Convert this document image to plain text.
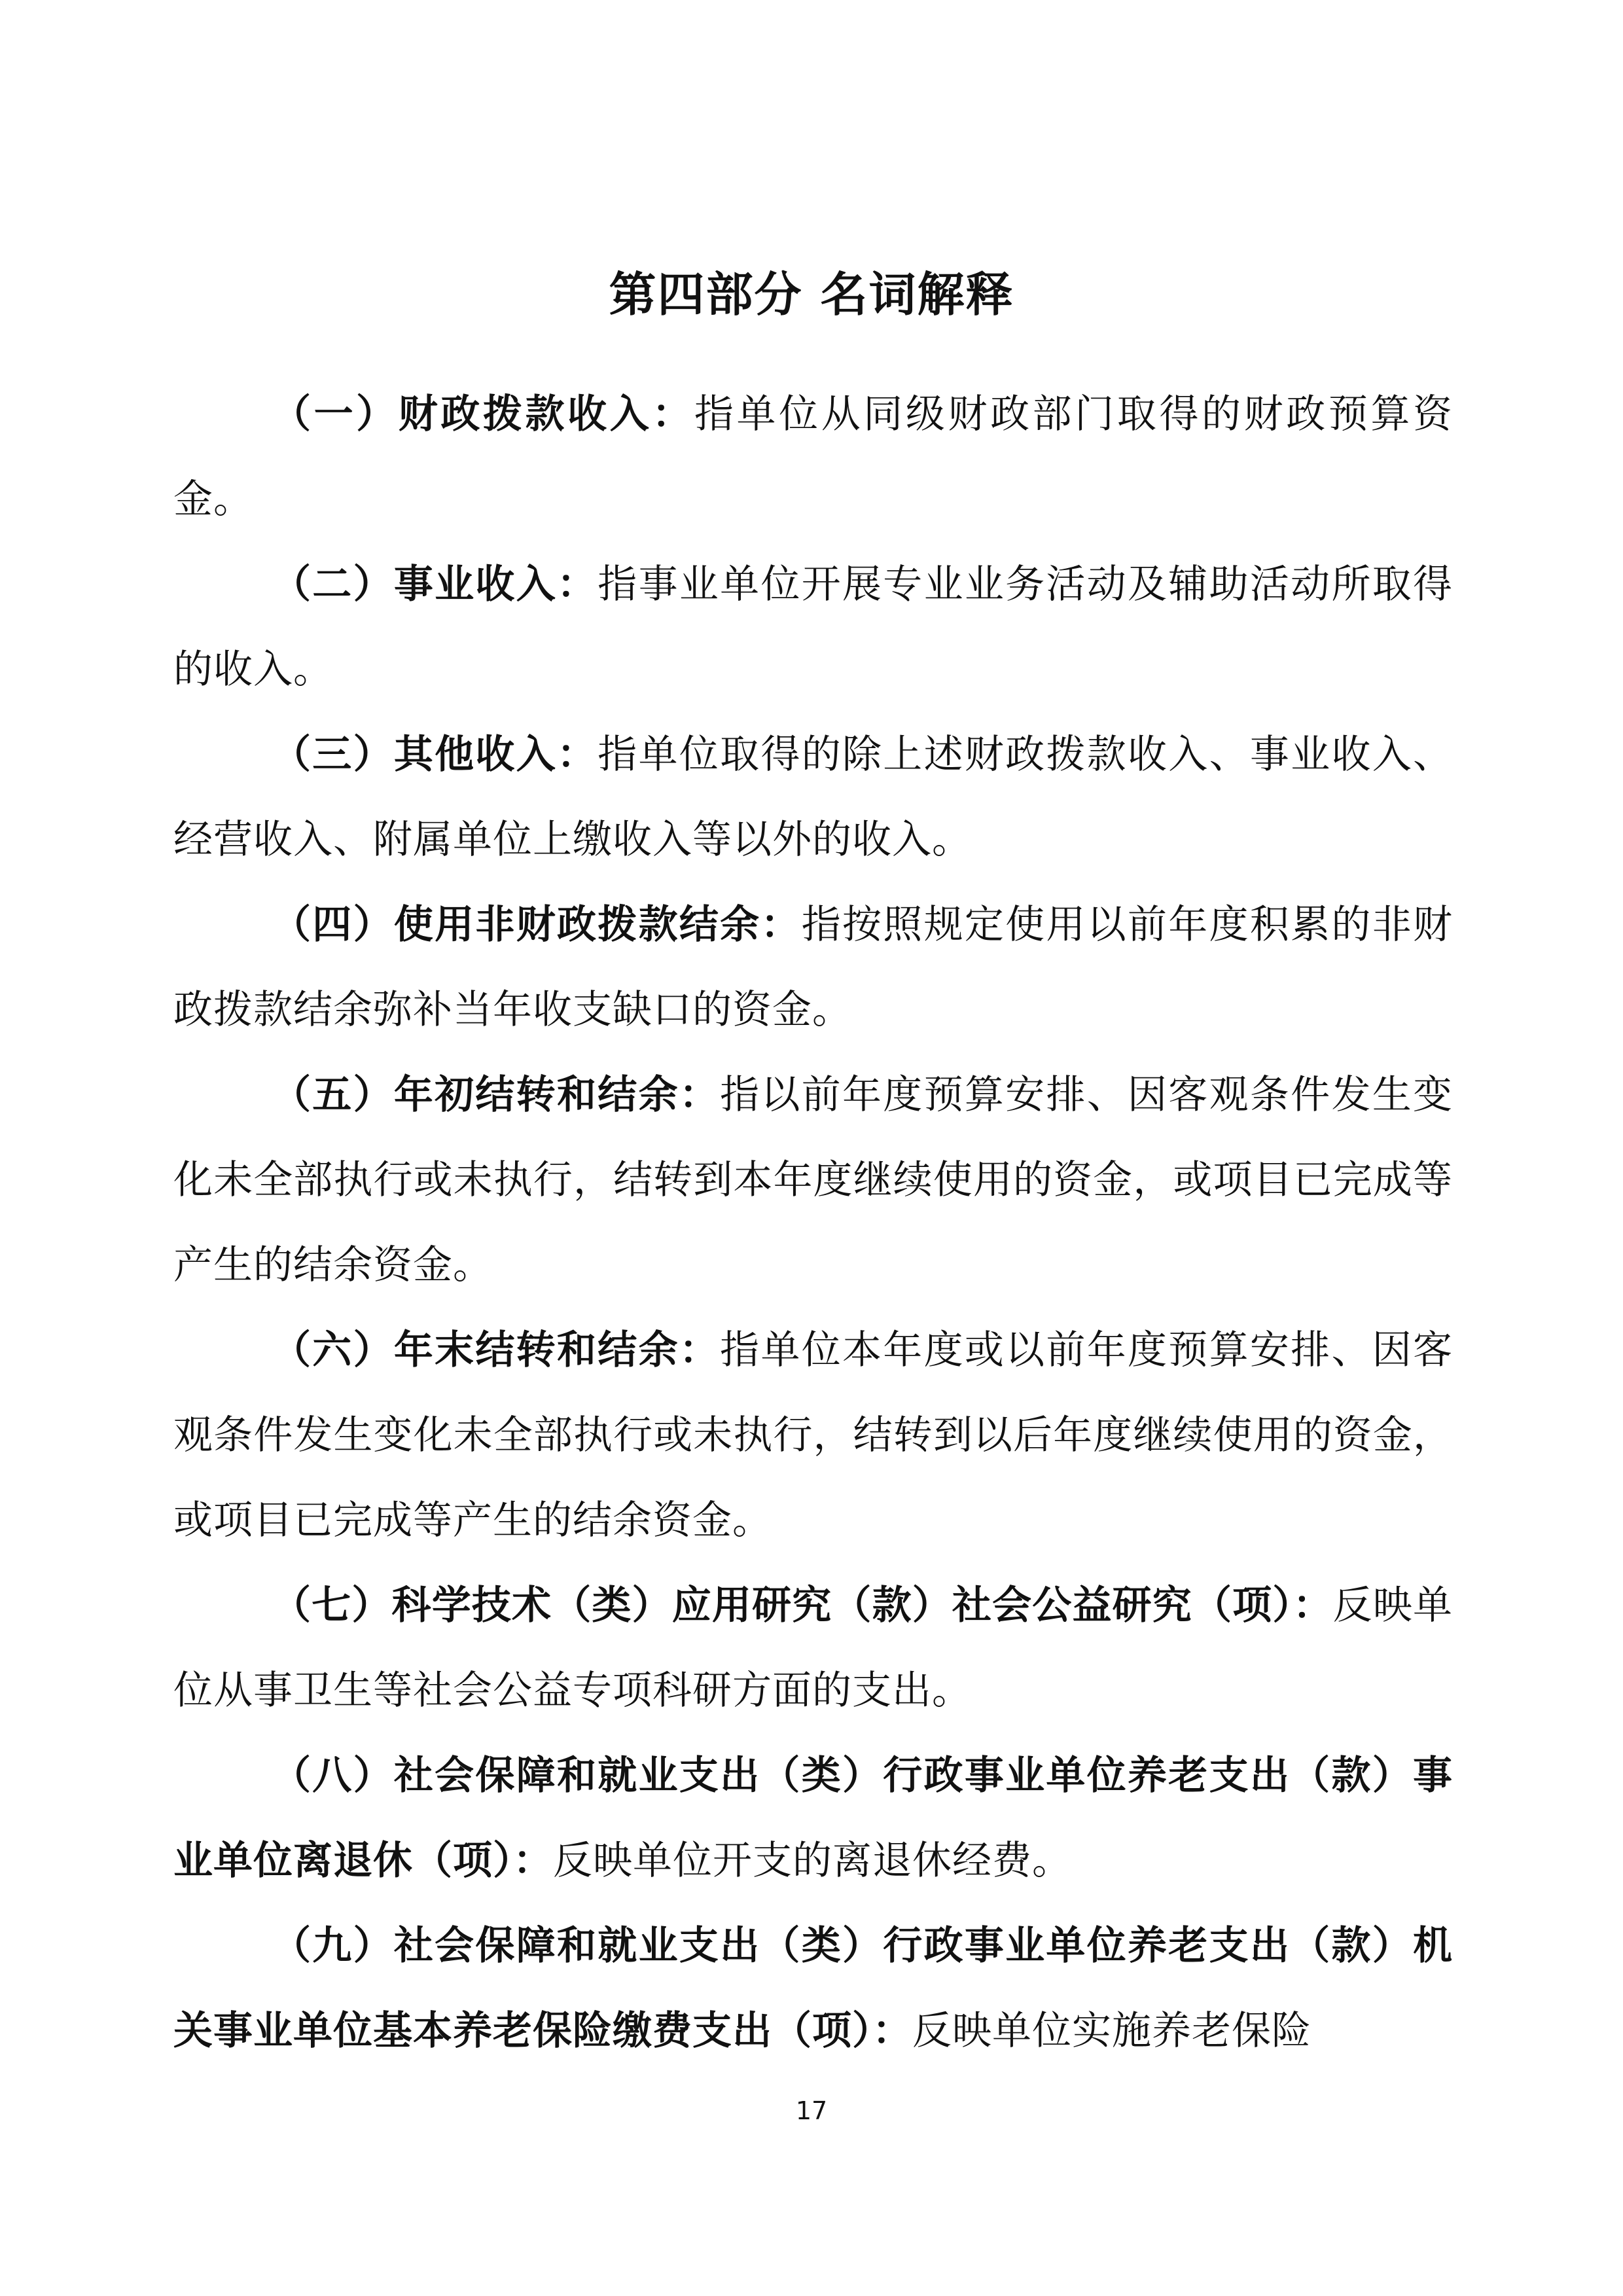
第四部分 名词解释

（一）财政拨款收入：指单位从同级财政部门取得的财政预算资金。

（二）事业收入：指事业单位开展专业业务活动及辅助活动所取得的收入。

（三）其他收入：指单位取得的除上述财政拨款收入、事业收入、经营收入、附属单位上缴收入等以外的收入。

（四）使用非财政拨款结余：指按照规定使用以前年度积累的非财政拨款结余弥补当年收支缺口的资金。

（五）年初结转和结余：指以前年度预算安排、因客观条件发生变化未全部执行或未执行，结转到本年度继续使用的资金，或项目已完成等产生的结余资金。

（六）年末结转和结余：指单位本年度或以前年度预算安排、因客观条件发生变化未全部执行或未执行，结转到以后年度继续使用的资金，或项目已完成等产生的结余资金。

（七）科学技术（类）应用研究（款）社会公益研究（项）：反映单位从事卫生等社会公益专项科研方面的支出。

（八）社会保障和就业支出（类）行政事业单位养老支出（款）事业单位离退休（项）：反映单位开支的离退休经费。

（九）社会保障和就业支出（类）行政事业单位养老支出（款）机关事业单位基本养老保险缴费支出（项）：反映单位实施养老保险

17
